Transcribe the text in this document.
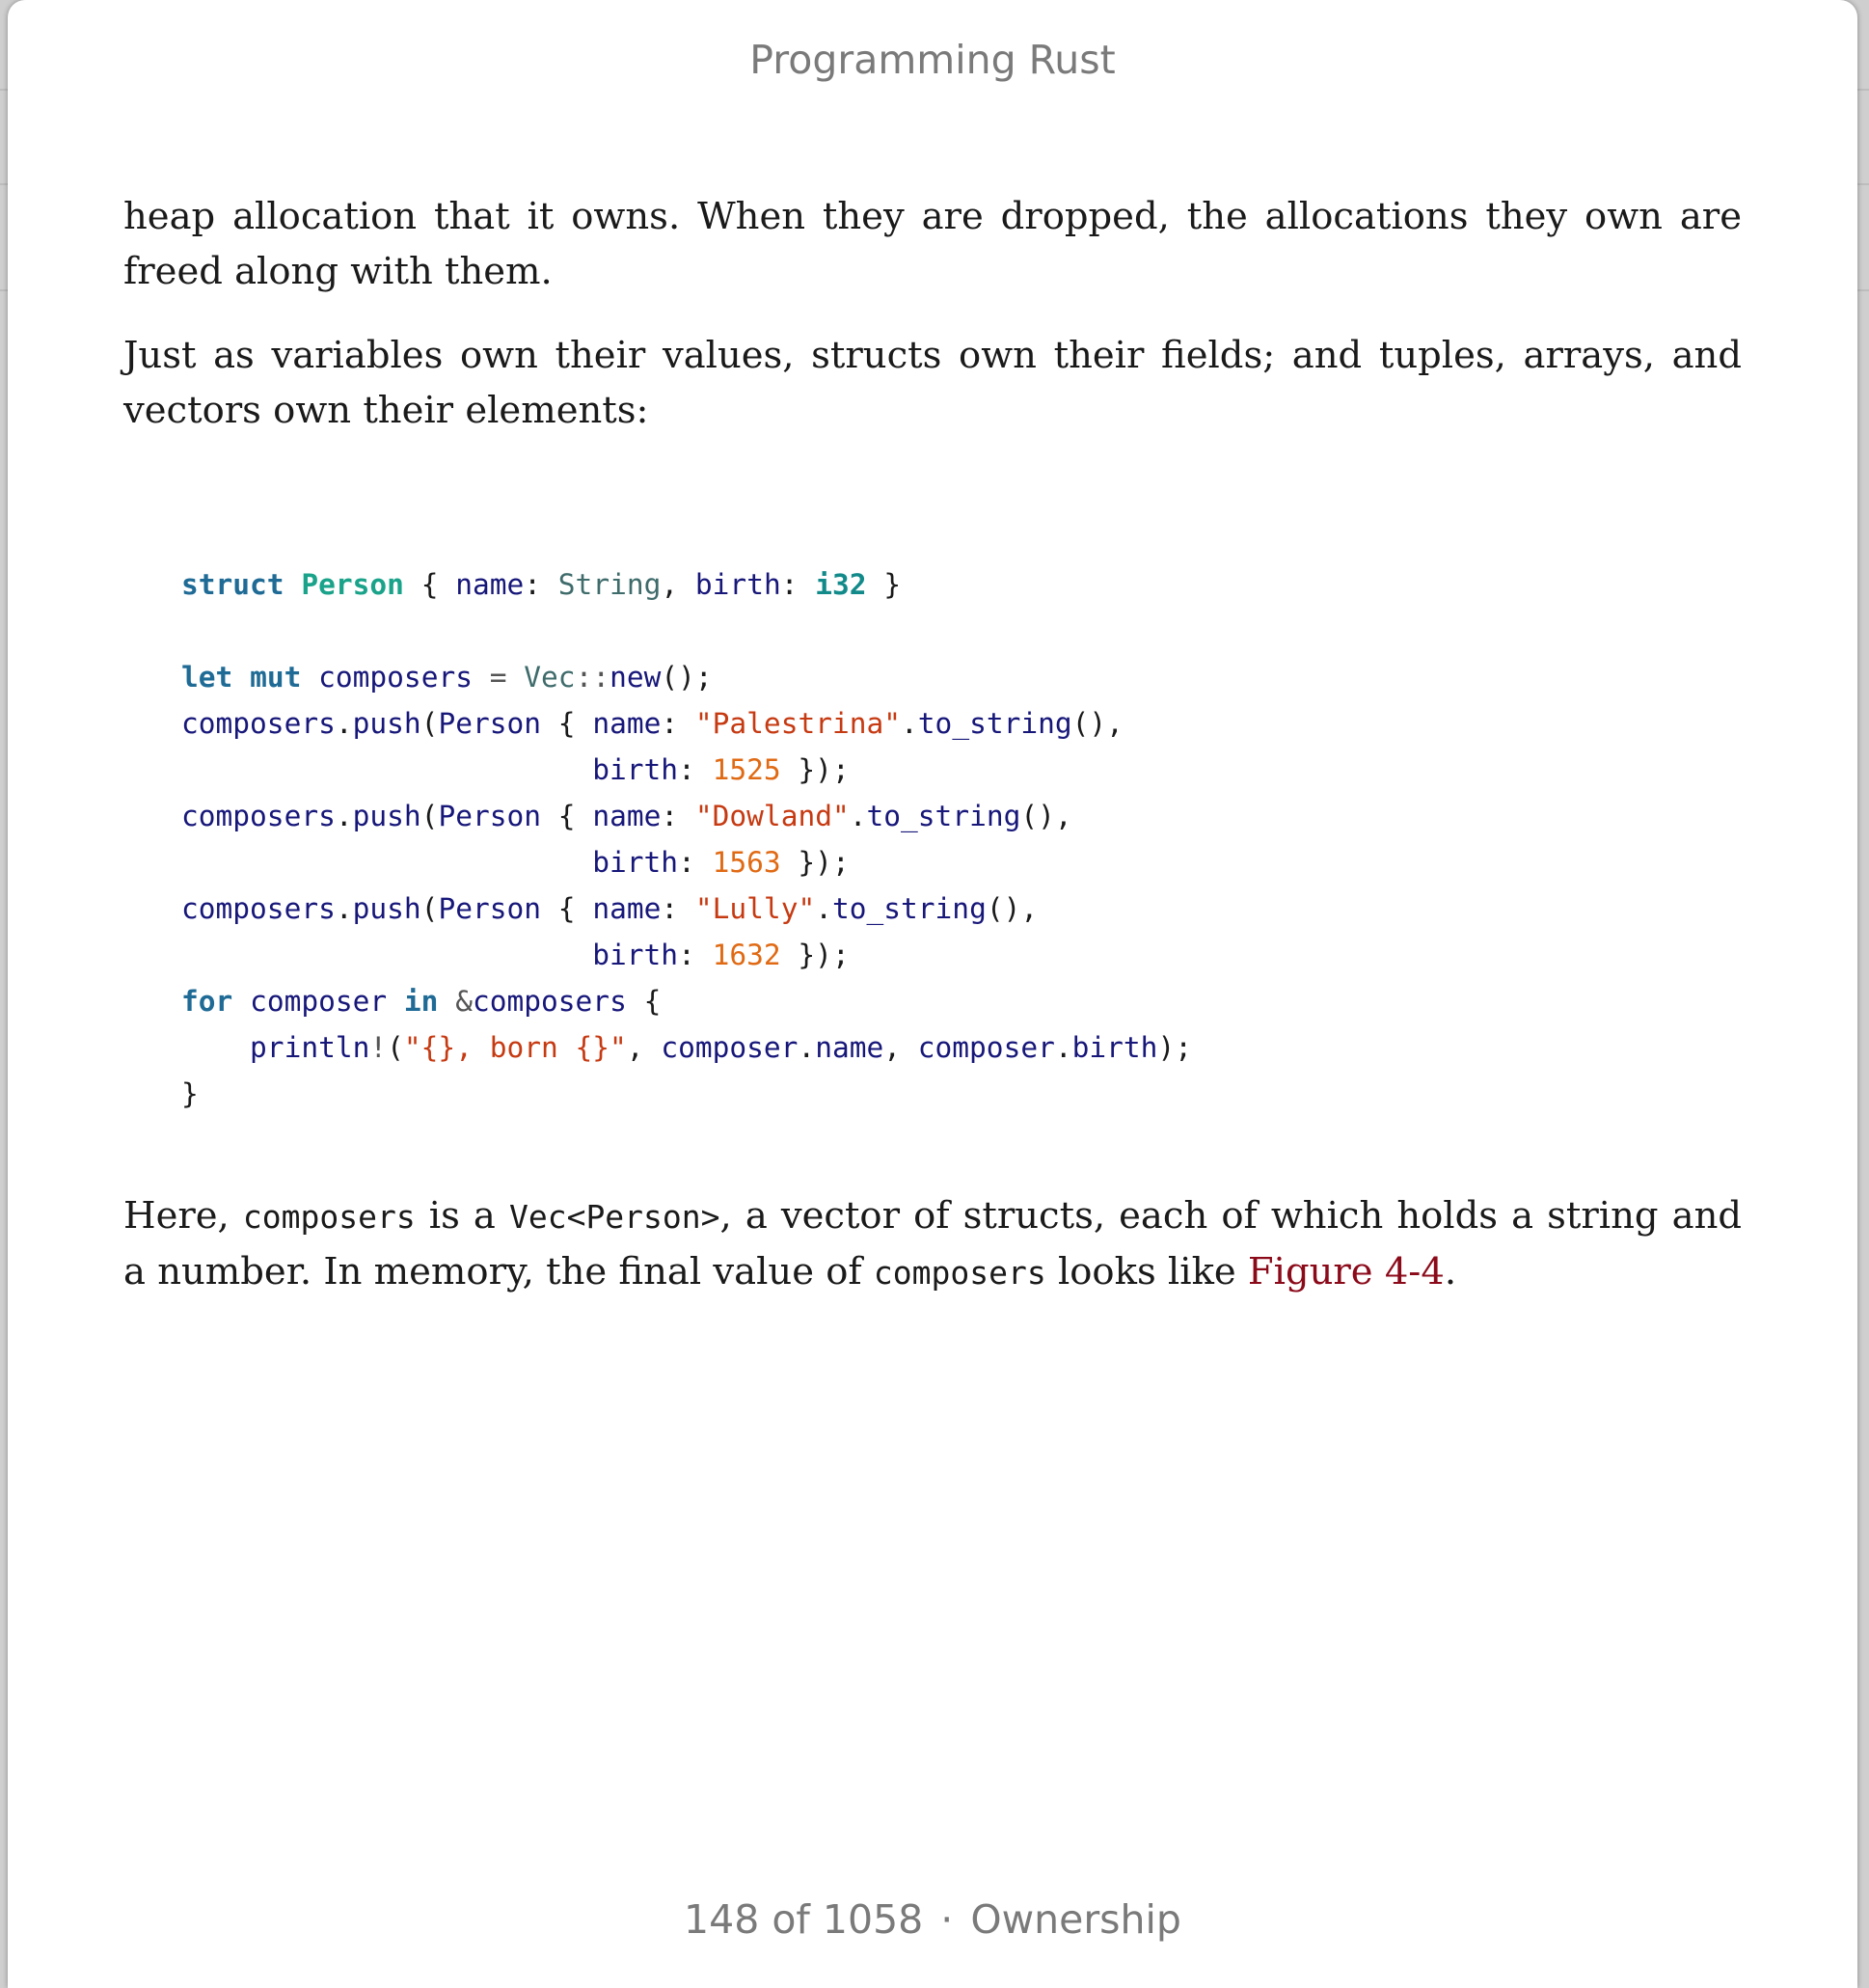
Programming Rust

heap allocation that it owns. When they are dropped, the allocations they own are freed along with them.

Just as variables own their values, structs own their fields; and tuples, arrays, and vectors own their elements:

struct Person { name: String, birth: i32 }

let mut composers = Vec::new();
composers.push(Person { name: "Palestrina".to_string(),
birth: 1525 });
composers.push(Person { name: "Dowland".to_string(),
birth: 1563 });
composers.push(Person { name: "Lully".to_string(),
birth: 1632 });
for composer in &composers {
println!("{}, born {}", composer.name, composer.birth);
}

Here, composers is a Vec<Person>, a vector of structs, each of which holds a string and a number. In memory, the final value of composers looks like Figure 4-4.

148 of 1058 · Ownership
